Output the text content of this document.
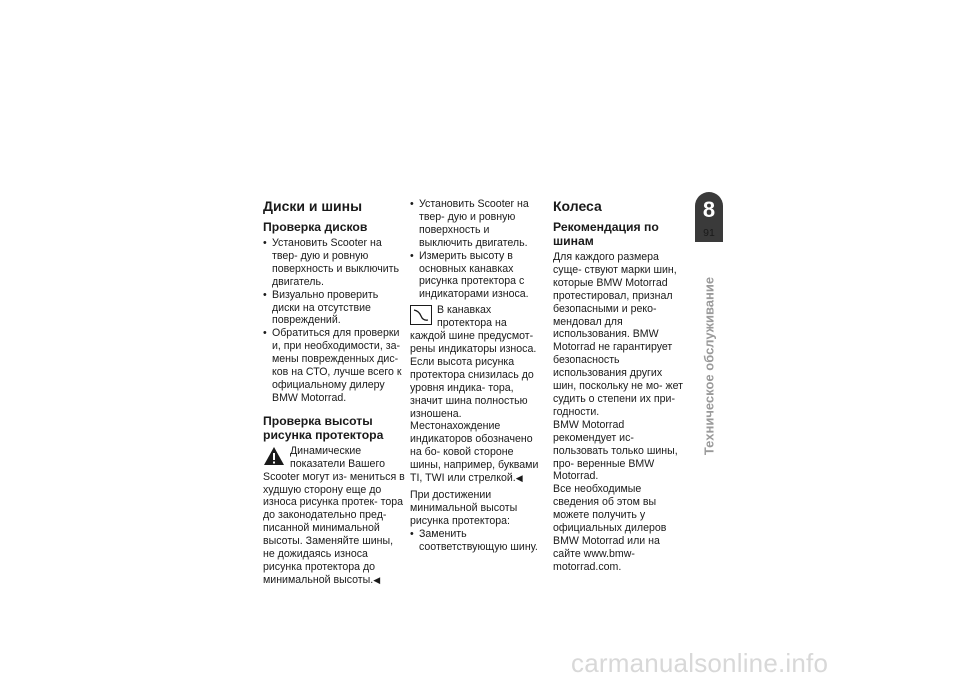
Диски и шины
Проверка дисков
• Установить Scooter на твер- дую и ровную поверхность и выключить двигатель.
• Визуально проверить диски на отсутствие повреждений.
• Обратиться для проверки и, при необходимости, за- мены поврежденных дис- ков на СТО, лучше всего к официальному дилеру BMW Motorrad.
Проверка высоты рисунка протектора
Динамические показатели Вашего Scooter могут из- мениться в худшую сторону еще до износа рисунка протек- тора до законодательно пред- писанной минимальной высоты. Заменяйте шины, не дожидаясь износа рисунка протектора до минимальной высоты.◀
• Установить Scooter на твер- дую и ровную поверхность и выключить двигатель.
• Измерить высоту в основных канавках рисунка протектора с индикаторами износа.
В канавках протектора на каждой шине предусмот- рены индикаторы износа. Если высота рисунка протектора снизилась до уровня индика- тора, значит шина полностью изношена. Местонахождение индикаторов обозначено на бо- ковой стороне шины, например, буквами TI, TWI или стрелкой.◀

При достижении минимальной высоты рисунка протектора:

• Заменить соответствующую шину.
Колеса
Рекомендация по шинам

Для каждого размера суще- ствуют марки шин, которые BMW Motorrad протестировал, признал безопасными и реко- мендовал для использования. BMW Motorrad не гарантирует безопасность использования других шин, поскольку не мо- жет судить о степени их при- годности.

BMW Motorrad рекомендует ис- пользовать только шины, про- веренные BMW Motorrad.

Все необходимые сведения об этом вы можете получить у официальных дилеров BMW Motorrad или на сайте www.bmw-motorrad.com.

8
91
Техническое обслуживание
carmanualsonline.info
